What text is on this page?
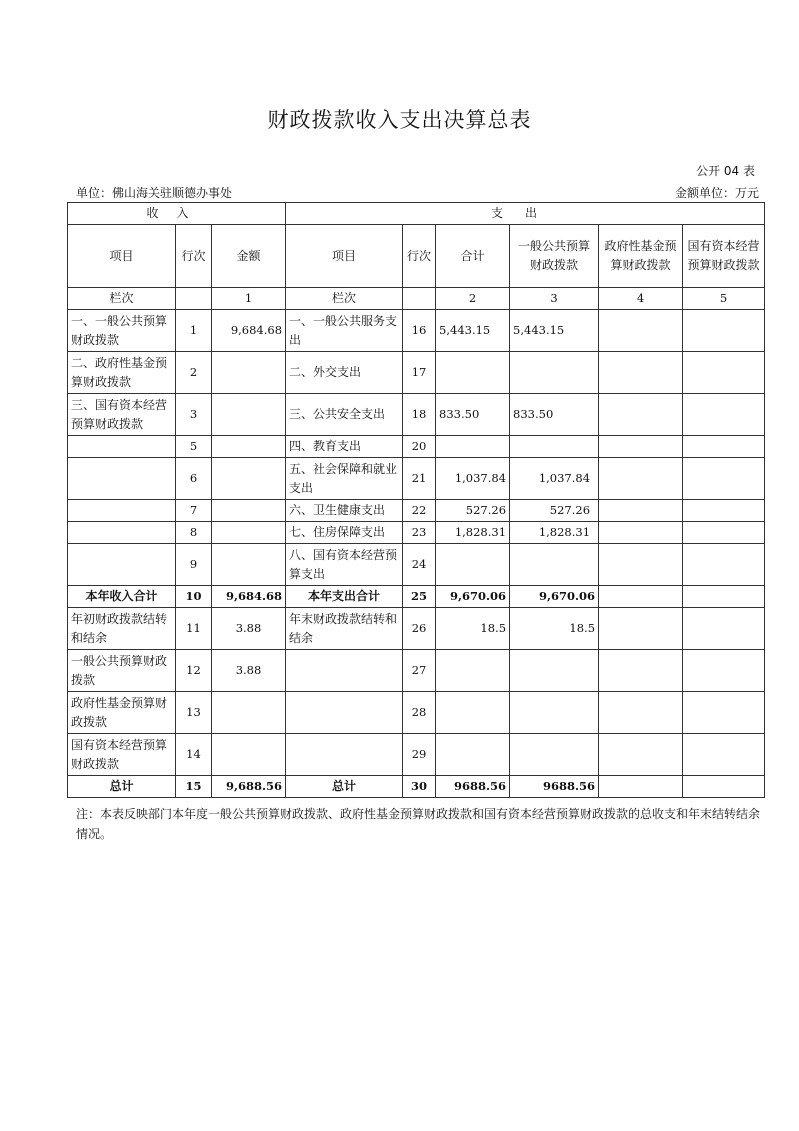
财政拨款收入支出决算总表
公开 04 表
单位：佛山海关驻顺德办事处	金额单位：万元
收入			支出					
项目	行次	金额	项目	行次	合计	一般公共预算财政拨款	政府性基金预算财政拨款	国有资本经营预算财政拨款
栏次		1	栏次		2	3	4	5
一、一般公共预算财政拨款	1	9,684.68	一、一般公共服务支出	16	5,443.15	5,443.15		
二、政府性基金预算财政拨款	2		二、外交支出	17				
三、国有资本经营预算财政拨款	3		三、公共安全支出	18	833.50	833.50		
	5		四、教育支出	20				
	6		五、社会保障和就业支出	21	1,037.84	1,037.84		
	7		六、卫生健康支出	22	527.26	527.26		
	8		七、住房保障支出	23	1,828.31	1,828.31		
	9		八、国有资本经营预算支出	24				
本年收入合计	10	9,684.68	本年支出合计	25	9,670.06	9,670.06		
年初财政拨款结转和结余	11	3.88	年末财政拨款结转和结余	26	18.5	18.5		
一般公共预算财政拨款	12	3.88		27				
政府性基金预算财政拨款	13			28				
国有资本经营预算财政拨款	14			29				
总计	15	9,688.56	总计	30	9688.56	9688.56		
注：本表反映部门本年度一般公共预算财政拨款、政府性基金预算财政拨款和国有资本经营预算财政拨款的总收支和年末结转结余情况。
